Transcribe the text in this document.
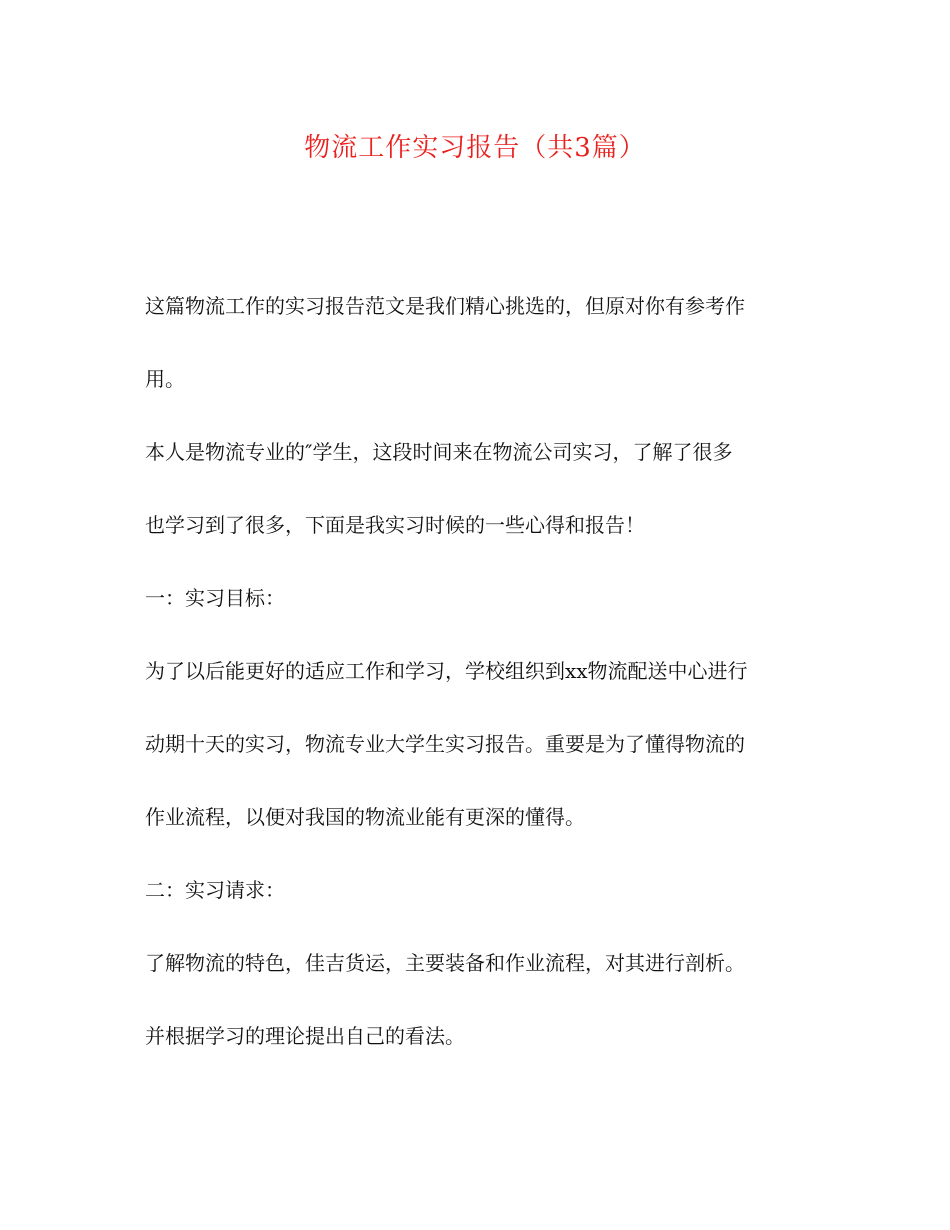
物流工作实习报告（共3篇）
这篇物流工作的实习报告范文是我们精心挑选的，但原对你有参考作
用。
本人是物流专业的″学生，这段时间来在物流公司实习，了解了很多
也学习到了很多，下面是我实习时候的一些心得和报告！
一：实习目标：
为了以后能更好的适应工作和学习，学校组织到xx物流配送中心进行
动期十天的实习，物流专业大学生实习报告。重要是为了懂得物流的
作业流程，以便对我国的物流业能有更深的懂得。
二：实习请求：
了解物流的特色，佳吉货运，主要装备和作业流程，对其进行剖析。
并根据学习的理论提出自己的看法。
